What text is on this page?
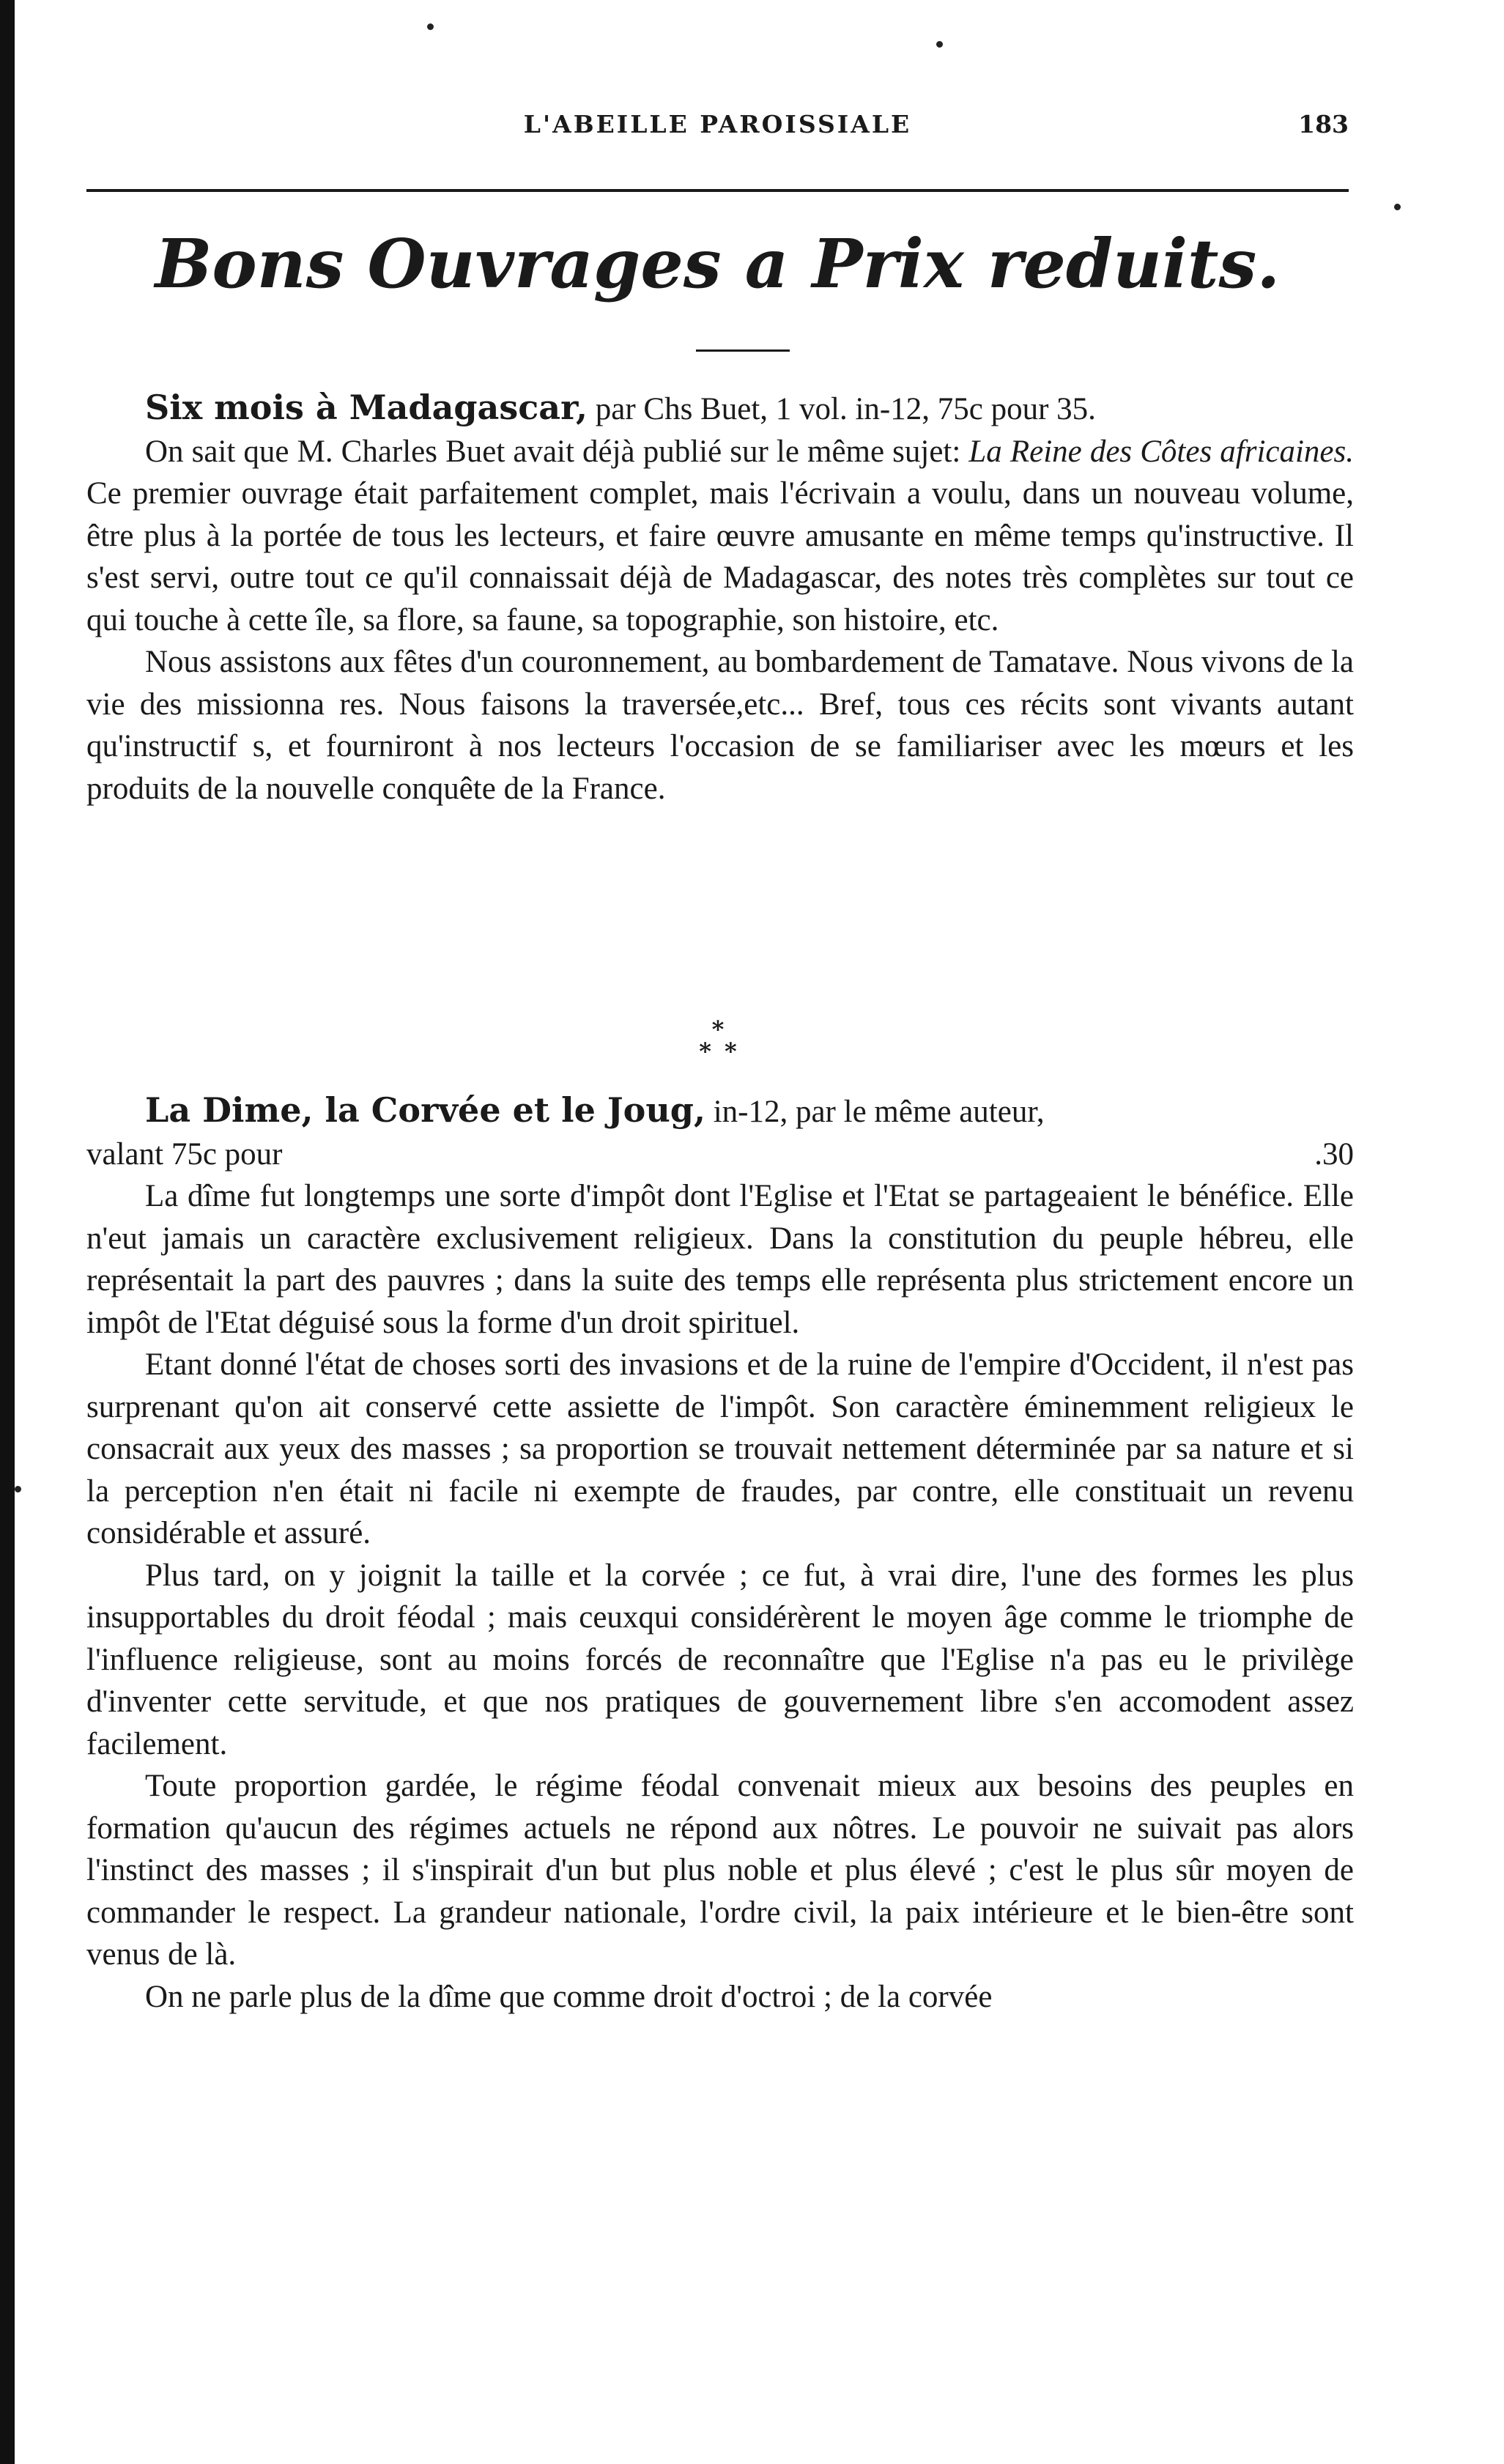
L'ABEILLE PAROISSIALE	183
Bons Ouvrages a Prix reduits.

Six mois à Madagascar, par Chs Buet, 1 vol. in-12, 75c pour 35.

On sait que M. Charles Buet avait déjà publié sur le même sujet: La Reine des Côtes africaines. Ce premier ouvrage était parfaitement complet, mais l'écrivain a voulu, dans un nouveau volume, être plus à la portée de tous les lecteurs, et faire œuvre amusante en même temps qu'instructive. Il s'est servi, outre tout ce qu'il connaissait déjà de Madagascar, des notes très complètes sur tout ce qui touche à cette île, sa flore, sa faune, sa topographie, son histoire, etc.

Nous assistons aux fêtes d'un couronnement, au bombardement de Tamatave. Nous vivons de la vie des missionna res. Nous faisons la traversée,etc... Bref, tous ces récits sont vivants autant qu'instructif s, et fourniront à nos lecteurs l'occasion de se familiariser avec les mœurs et les produits de la nouvelle conquête de la France.

*
**

La Dime, la Corvée et le Joug, in-12, par le même auteur,

valant 75c pour	.30

La dîme fut longtemps une sorte d'impôt dont l'Eglise et l'Etat se partageaient le bénéfice. Elle n'eut jamais un caractère exclusivement religieux. Dans la constitution du peuple hébreu, elle représentait la part des pauvres ; dans la suite des temps elle représenta plus strictement encore un impôt de l'Etat déguisé sous la forme d'un droit spirituel.

Etant donné l'état de choses sorti des invasions et de la ruine de l'empire d'Occident, il n'est pas surprenant qu'on ait conservé cette assiette de l'impôt. Son caractère éminemment religieux le consacrait aux yeux des masses ; sa proportion se trouvait nettement déterminée par sa nature et si la perception n'en était ni facile ni exempte de fraudes, par contre, elle constituait un revenu considérable et assuré.

Plus tard, on y joignit la taille et la corvée ; ce fut, à vrai dire, l'une des formes les plus insupportables du droit féodal ; mais ceuxqui considérèrent le moyen âge comme le triomphe de l'influence religieuse, sont au moins forcés de reconnaître que l'Eglise n'a pas eu le privilège d'inventer cette servitude, et que nos pratiques de gouvernement libre s'en accomodent assez facilement.

Toute proportion gardée, le régime féodal convenait mieux aux besoins des peuples en formation qu'aucun des régimes actuels ne répond aux nôtres. Le pouvoir ne suivait pas alors l'instinct des masses ; il s'inspirait d'un but plus noble et plus élevé ; c'est le plus sûr moyen de commander le respect. La grandeur nationale, l'ordre civil, la paix intérieure et le bien-être sont venus de là.

On ne parle plus de la dîme que comme droit d'octroi ; de la corvée
